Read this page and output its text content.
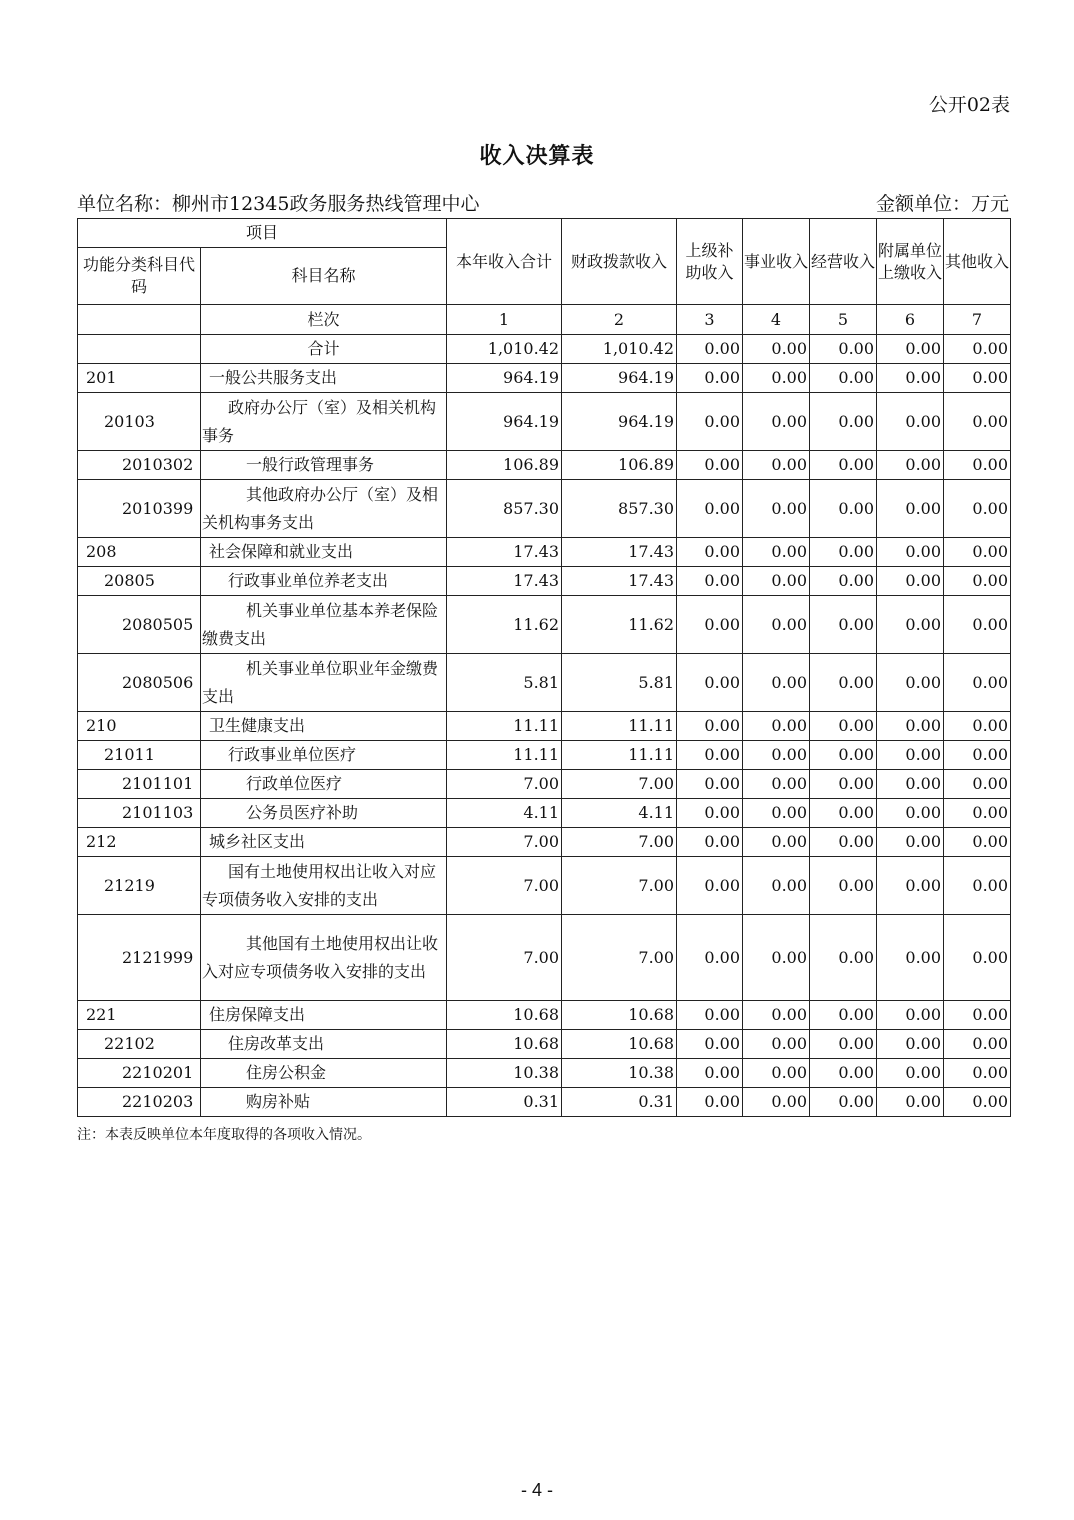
公开02表
收入决算表
单位名称：柳州市12345政务服务热线管理中心	金额单位：万元
项目		本年收入合计	财政拨款收入	上级补助收入	事业收入	经营收入	附属单位上缴收入	其他收入
功能分类科目代码	科目名称							
	栏次	1	2	3	4	5	6	7
	合计	1,010.42	1,010.42	0.00	0.00	0.00	0.00	0.00
201	一般公共服务支出	964.19	964.19	0.00	0.00	0.00	0.00	0.00
20103	政府办公厅（室）及相关机构事务	964.19	964.19	0.00	0.00	0.00	0.00	0.00
2010302	一般行政管理事务	106.89	106.89	0.00	0.00	0.00	0.00	0.00
2010399	其他政府办公厅（室）及相关机构事务支出	857.30	857.30	0.00	0.00	0.00	0.00	0.00
208	社会保障和就业支出	17.43	17.43	0.00	0.00	0.00	0.00	0.00
20805	行政事业单位养老支出	17.43	17.43	0.00	0.00	0.00	0.00	0.00
2080505	机关事业单位基本养老保险缴费支出	11.62	11.62	0.00	0.00	0.00	0.00	0.00
2080506	机关事业单位职业年金缴费支出	5.81	5.81	0.00	0.00	0.00	0.00	0.00
210	卫生健康支出	11.11	11.11	0.00	0.00	0.00	0.00	0.00
21011	行政事业单位医疗	11.11	11.11	0.00	0.00	0.00	0.00	0.00
2101101	行政单位医疗	7.00	7.00	0.00	0.00	0.00	0.00	0.00
2101103	公务员医疗补助	4.11	4.11	0.00	0.00	0.00	0.00	0.00
212	城乡社区支出	7.00	7.00	0.00	0.00	0.00	0.00	0.00
21219	国有土地使用权出让收入对应专项债务收入安排的支出	7.00	7.00	0.00	0.00	0.00	0.00	0.00
2121999	其他国有土地使用权出让收入对应专项债务收入安排的支出	7.00	7.00	0.00	0.00	0.00	0.00	0.00
221	住房保障支出	10.68	10.68	0.00	0.00	0.00	0.00	0.00
22102	住房改革支出	10.68	10.68	0.00	0.00	0.00	0.00	0.00
2210201	住房公积金	10.38	10.38	0.00	0.00	0.00	0.00	0.00
2210203	购房补贴	0.31	0.31	0.00	0.00	0.00	0.00	0.00
注：本表反映单位本年度取得的各项收入情况。
- 4 -
